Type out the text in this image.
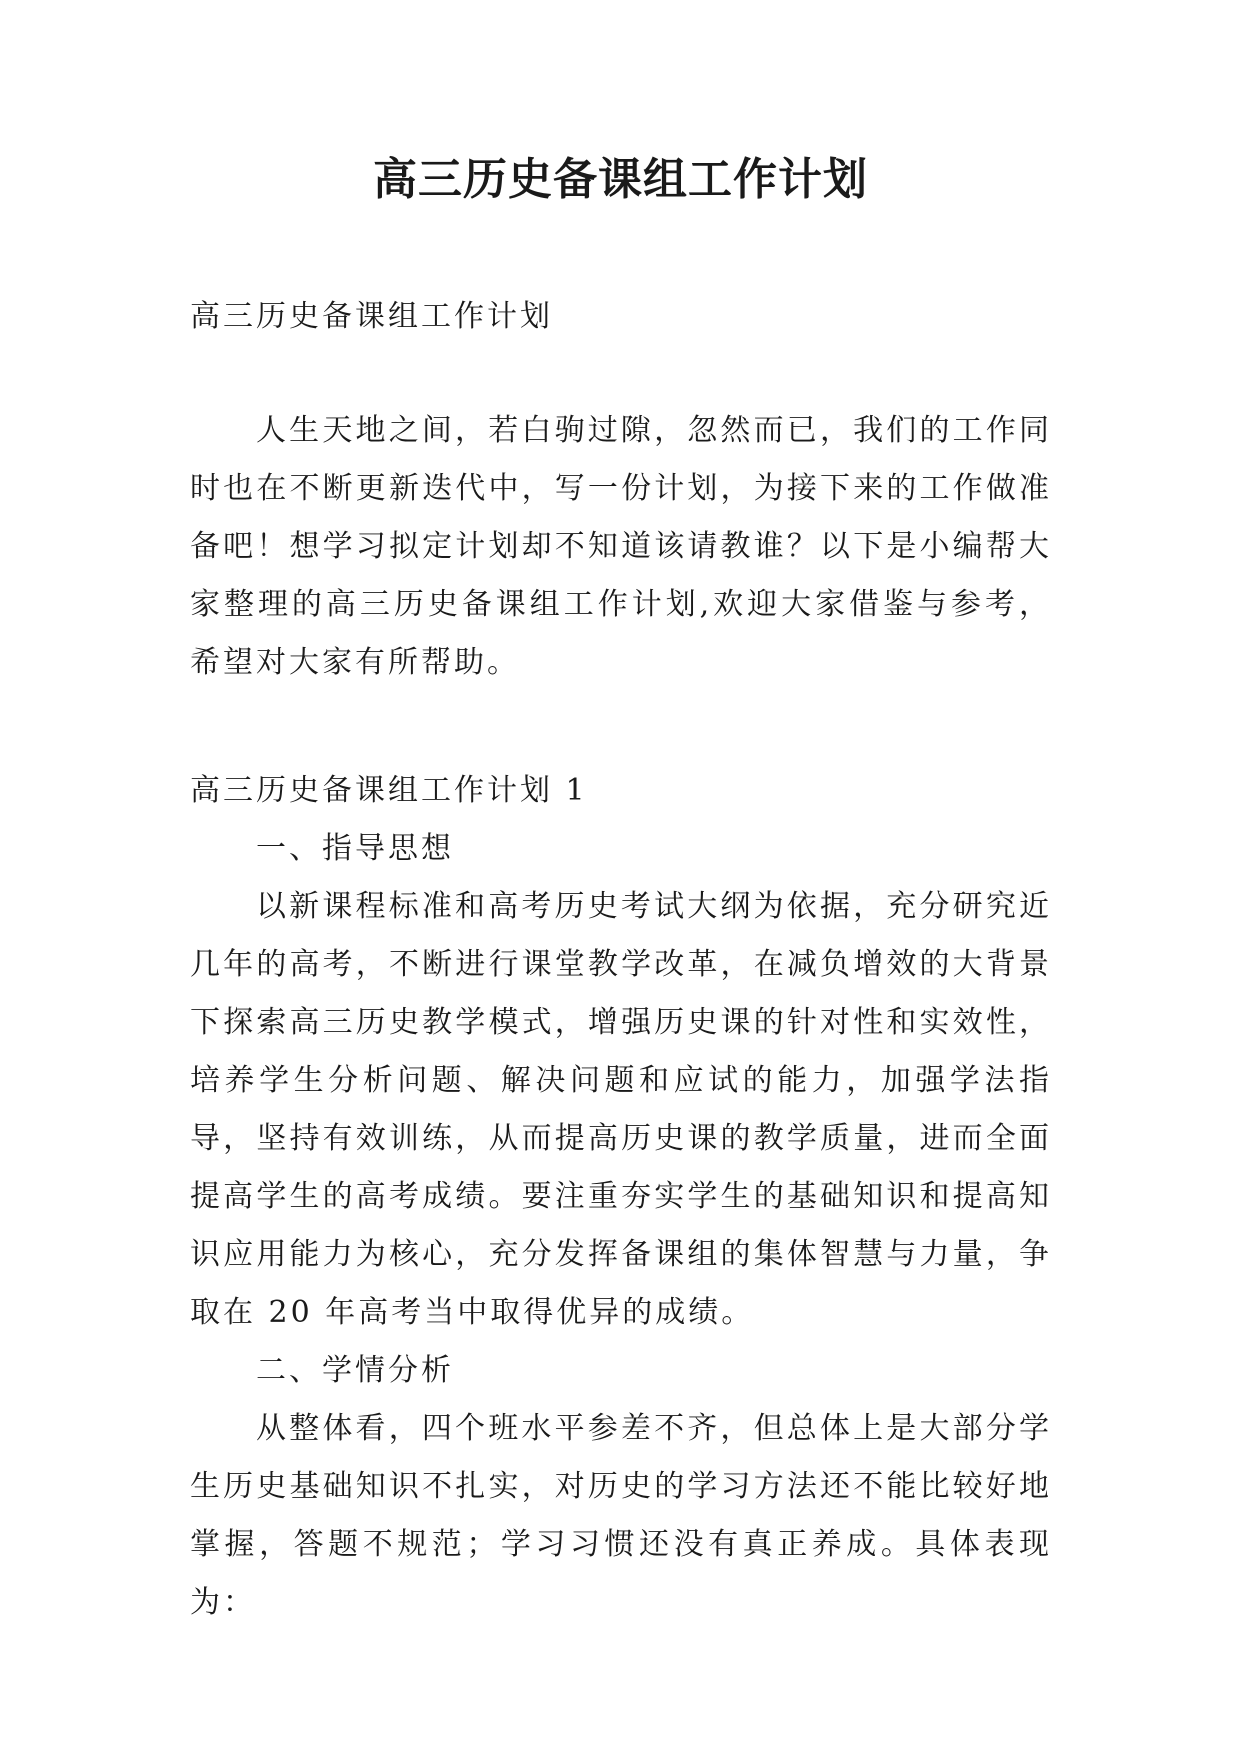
高三历史备课组工作计划
高三历史备课组工作计划
人生天地之间，若白驹过隙，忽然而已，我们的工作同时也在不断更新迭代中，写一份计划，为接下来的工作做准备吧！想学习拟定计划却不知道该请教谁？以下是小编帮大家整理的高三历史备课组工作计划,欢迎大家借鉴与参考，希望对大家有所帮助。
高三历史备课组工作计划 1

一、指导思想

以新课程标准和高考历史考试大纲为依据，充分研究近几年的高考，不断进行课堂教学改革，在减负增效的大背景下探索高三历史教学模式，增强历史课的针对性和实效性，培养学生分析问题、解决问题和应试的能力，加强学法指导，坚持有效训练，从而提高历史课的教学质量，进而全面提高学生的高考成绩。要注重夯实学生的基础知识和提高知识应用能力为核心，充分发挥备课组的集体智慧与力量，争取在 20 年高考当中取得优异的成绩。

二、学情分析

从整体看，四个班水平参差不齐，但总体上是大部分学生历史基础知识不扎实，对历史的学习方法还不能比较好地掌握，答题不规范；学习习惯还没有真正养成。具体表现为：
